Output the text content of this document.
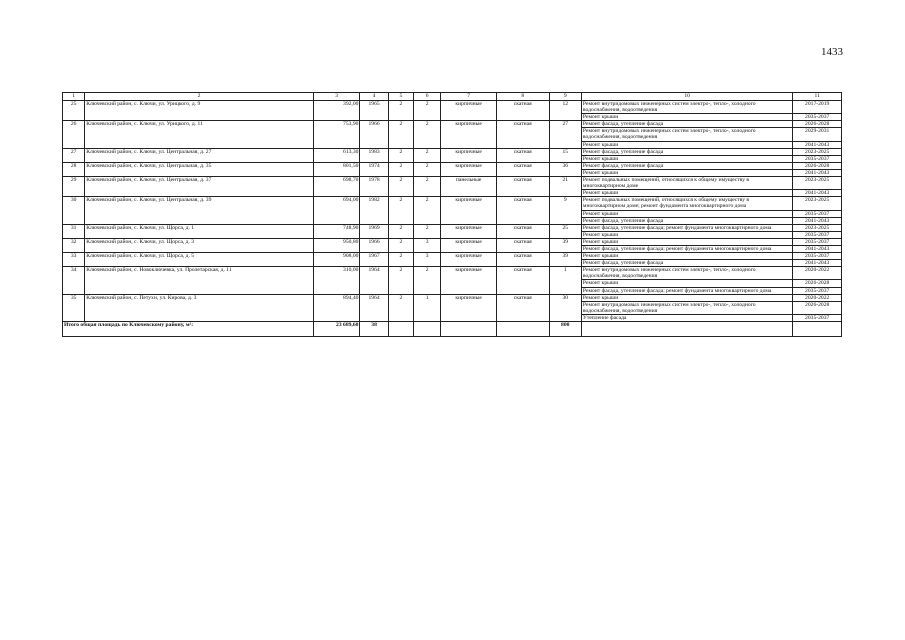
1433
1	2	3	4	5	6	7	8	9	10	11
25	Ключевский район, с. Ключи, ул. Урицкого, д. 9	392,00	1965	2	2	кирпичные	скатная	12	Ремонт внутридомовых инженерных систем электро-, тепло-, холодного водоснабжения, водоотведения	2017-2019
									Ремонт крыши	2035-2037
26	Ключевский район, с. Ключи, ул. Урицкого, д. 11	753,90	1966	2	2	кирпичные	скатная	27	Ремонт фасада, утепление фасада	2026-2028
									Ремонт внутридомовых инженерных систем электро-, тепло-, холодного водоснабжения, водоотведения	2029-2031
									Ремонт крыши	2041-2043
27	Ключевский район, с. Ключи, ул. Центральная, д. 27	613,30	1983	2	2	кирпичные	скатная	15	Ремонт фасада, утепление фасада	2023-2025
									Ремонт крыши	2035-2037
28	Ключевский район, с. Ключи, ул. Центральная, д. 35	801,50	1974	2	2	кирпичные	скатная	36	Ремонт фасада, утепление фасада	2026-2028
									Ремонт крыши	2041-2043
29	Ключевский район, с. Ключи, ул. Центральная, д. 37	698,70	1978	2	2	панельные	скатная	21	Ремонт подвальных помещений, относящихся к общему имуществу в многоквартирном доме	2023-2025
									Ремонт крыши	2041-2043
30	Ключевский район, с. Ключи, ул. Центральная, д. 39	694,00	1982	2	2	кирпичные	скатная	9	Ремонт подвальных помещений, относящихся к общему имуществу в многоквартирном доме; ремонт фундамента многоквартирного дома	2023-2025
									Ремонт крыши	2035-2037
									Ремонт фасада, утепление фасада	2041-2043
31	Ключевский район, с. Ключи, ул. Щорса, д. 1	748,90	1969	2	2	кирпичные	скатная	25	Ремонт фасада, утепление фасада; ремонт фундамента многоквартирного дома	2023-2025
									Ремонт крыши	2035-2037
32	Ключевский район, с. Ключи, ул. Щорса, д. 3	950,80	1966	2	3	кирпичные	скатная	39	Ремонт крыши	2035-2037
									Ремонт фасада, утепление фасада; ремонт фундамента многоквартирного дома	2041-2043
33	Ключевский район, с. Ключи, ул. Щорса, д. 5	908,00	1967	2	3	кирпичные	скатная	39	Ремонт крыши	2035-2037
									Ремонт фасада, утепление фасада	2041-2043
34	Ключевский район, с. Новоключевка, ул. Пролетарская, д. 11	310,00	1964	2	2	кирпичные	скатная	1	Ремонт внутридомовых инженерных систем электро-, тепло-, холодного водоснабжения, водоотведения	2020-2022
									Ремонт крыши	2026-2028
									Ремонт фасада, утепление фасада; ремонт фундамента многоквартирного дома	2035-2037
35	Ключевский район, с. Петухи, ул. Кирова, д. 3	894,40	1964	2	1	кирпичные	скатная	30	Ремонт крыши	2020-2022
									Ремонт внутридомовых инженерных систем электро-, тепло-, холодного водоснабжения, водоотведения	2026-2028
									Утепление фасада	2035-2037
Итого общая площадь по Ключевскому району, м²:		23 689,60	38					800		
